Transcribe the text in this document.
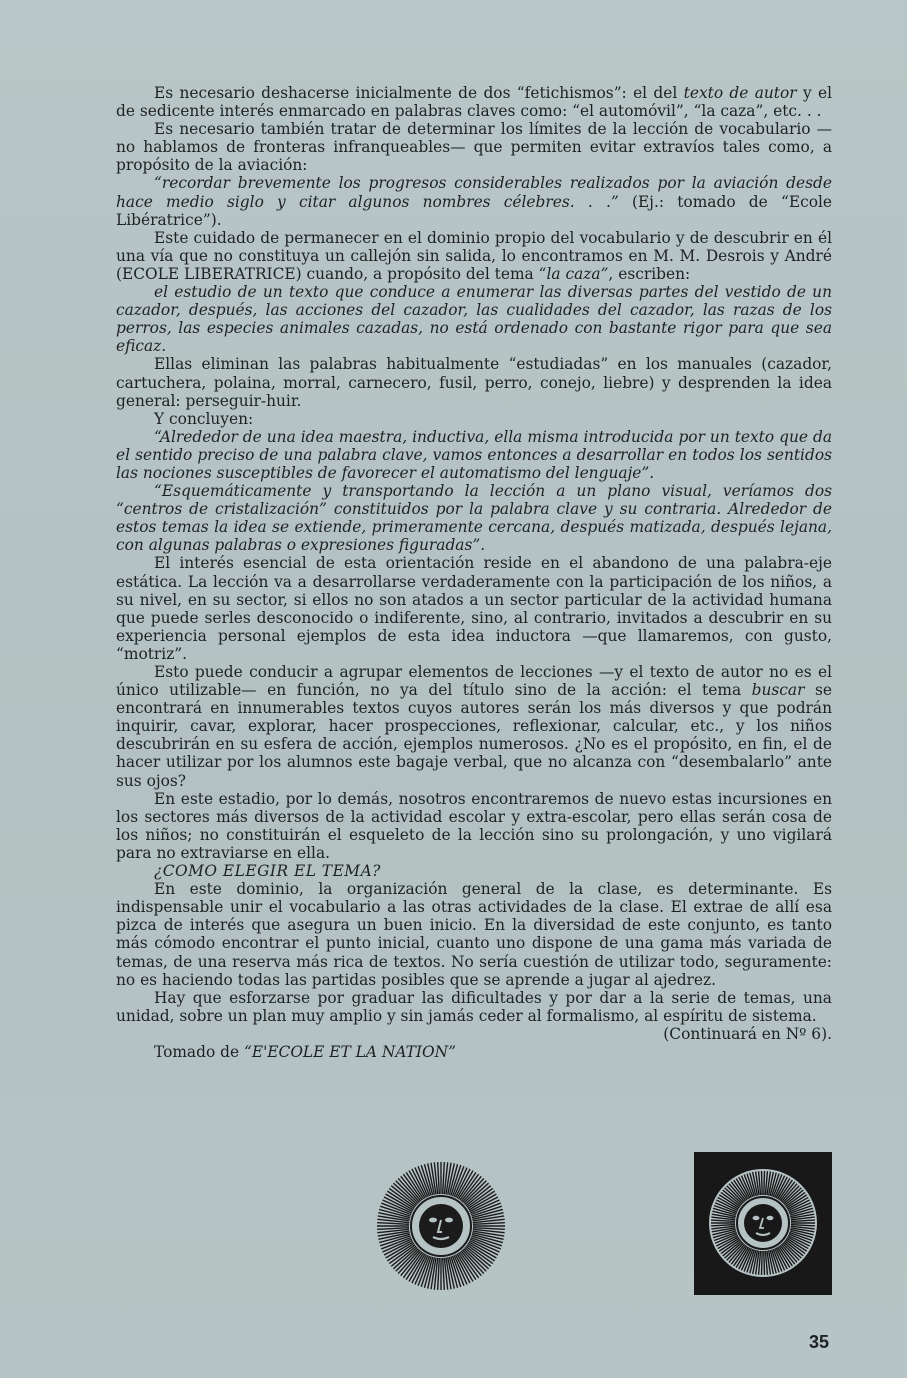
Es necesario deshacerse inicialmente de dos “fetichismos”: el del texto de autor y el de sedicente interés enmarcado en palabras claves como: “el automóvil”, “la caza”, etc. . .

Es necesario también tratar de determinar los límites de la lección de vocabulario —no hablamos de fronteras infranqueables— que permiten evitar extravíos tales como, a propósito de la aviación:

“recordar brevemente los progresos considerables realizados por la aviación desde hace medio siglo y citar algunos nombres célebres. . .” (Ej.: tomado de “Ecole Libératrice”).

Este cuidado de permanecer en el dominio propio del vocabulario y de descubrir en él una vía que no constituya un callejón sin salida, lo encontramos en M. M. Desrois y André (ECOLE LIBERATRICE) cuando, a propósito del tema “la caza”, escriben:

el estudio de un texto que conduce a enumerar las diversas partes del vestido de un cazador, después, las acciones del cazador, las cualidades del cazador, las razas de los perros, las especies animales cazadas, no está ordenado con bastante rigor para que sea eficaz.

Ellas eliminan las palabras habitualmente “estudiadas” en los manuales (cazador, cartuchera, polaina, morral, carnecero, fusil, perro, conejo, liebre) y desprenden la idea general: perseguir-huir.

Y concluyen:

“Alrededor de una idea maestra, inductiva, ella misma introducida por un texto que da el sentido preciso de una palabra clave, vamos entonces a desarrollar en todos los sentidos las nociones susceptibles de favorecer el automatismo del lenguaje”.

“Esquemáticamente y transportando la lección a un plano visual, veríamos dos “centros de cristalización” constituidos por la palabra clave y su contraria. Alrededor de estos temas la idea se extiende, primeramente cercana, después matizada, después lejana, con algunas palabras o expresiones figuradas”.

El interés esencial de esta orientación reside en el abandono de una palabra-eje estática. La lección va a desarrollarse verdaderamente con la participación de los niños, a su nivel, en su sector, si ellos no son atados a un sector particular de la actividad humana que puede serles desconocido o indiferente, sino, al contrario, invitados a descubrir en su experiencia personal ejemplos de esta idea inductora —que llamaremos, con gusto, “motriz”.

Esto puede conducir a agrupar elementos de lecciones —y el texto de autor no es el único utilizable— en función, no ya del título sino de la acción: el tema buscar se encontrará en innumerables textos cuyos autores serán los más diversos y que podrán inquirir, cavar, explorar, hacer prospecciones, reflexionar, calcular, etc., y los niños descubrirán en su esfera de acción, ejemplos numerosos. ¿No es el propósito, en fin, el de hacer utilizar por los alumnos este bagaje verbal, que no alcanza con “desembalarlo” ante sus ojos?

En este estadio, por lo demás, nosotros encontraremos de nuevo estas incursiones en los sectores más diversos de la actividad escolar y extra-escolar, pero ellas serán cosa de los niños; no constituirán el esqueleto de la lección sino su prolongación, y uno vigilará para no extraviarse en ella.

¿COMO ELEGIR EL TEMA?

En este dominio, la organización general de la clase, es determinante. Es indispensable unir el vocabulario a las otras actividades de la clase. El extrae de allí esa pizca de interés que asegura un buen inicio. En la diversidad de este conjunto, es tanto más cómodo encontrar el punto inicial, cuanto uno dispone de una gama más variada de temas, de una reserva más rica de textos. No sería cuestión de utilizar todo, seguramente: no es haciendo todas las partidas posibles que se aprende a jugar al ajedrez.

Hay que esforzarse por graduar las dificultades y por dar a la serie de temas, una unidad, sobre un plan muy amplio y sin jamás ceder al formalismo, al espíritu de sistema.

(Continuará en Nº 6).

Tomado de “E'ECOLE ET LA NATION”

35
